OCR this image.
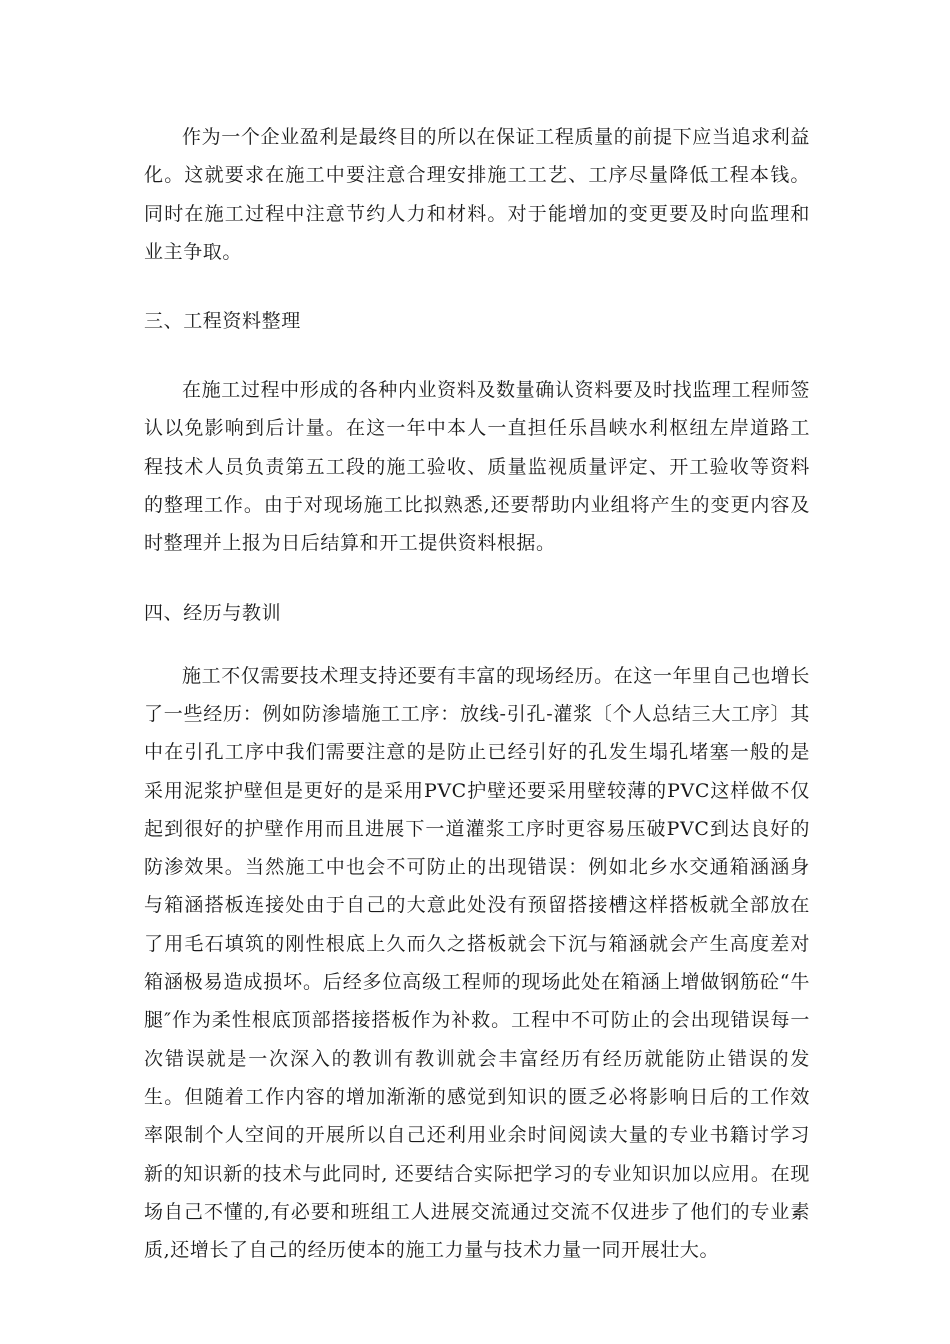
作为一个企业盈利是最终目的所以在保证工程质量的前提下应当追求利益化。这就要求在施工中要注意合理安排施工工艺、工序尽量降低工程本钱。同时在施工过程中注意节约人力和材料。对于能增加的变更要及时向监理和业主争取。

三、工程资料整理

在施工过程中形成的各种内业资料及数量确认资料要及时找监理工程师签认以免影响到后计量。在这一年中本人一直担任乐昌峡水利枢纽左岸道路工程技术人员负责第五工段的施工验收、质量监视质量评定、开工验收等资料的整理工作。由于对现场施工比拟熟悉,还要帮助内业组将产生的变更内容及时整理并上报为日后结算和开工提供资料根据。

四、经历与教训

施工不仅需要技术理支持还要有丰富的现场经历。在这一年里自己也增长了一些经历：例如防渗墙施工工序：放线-引孔-灌浆〔个人总结三大工序〕其中在引孔工序中我们需要注意的是防止已经引好的孔发生塌孔堵塞一般的是采用泥浆护壁但是更好的是采用PVC护壁还要采用壁较薄的PVC这样做不仅起到很好的护壁作用而且进展下一道灌浆工序时更容易压破PVC到达良好的防渗效果。当然施工中也会不可防止的出现错误：例如北乡水交通箱涵涵身与箱涵搭板连接处由于自己的大意此处没有预留搭接槽这样搭板就全部放在了用毛石填筑的刚性根底上久而久之搭板就会下沉与箱涵就会产生高度差对箱涵极易造成损坏。后经多位高级工程师的现场此处在箱涵上增做钢筋砼“牛腿″作为柔性根底顶部搭接搭板作为补救。工程中不可防止的会出现错误每一次错误就是一次深入的教训有教训就会丰富经历有经历就能防止错误的发生。但随着工作内容的增加渐渐的感觉到知识的匮乏必将影响日后的工作效率限制个人空间的开展所以自己还利用业余时间阅读大量的专业书籍讨学习新的知识新的技术与此同时, 还要结合实际把学习的专业知识加以应用。在现场自己不懂的,有必要和班组工人进展交流通过交流不仅进步了他们的专业素质,还增长了自己的经历使本的施工力量与技术力量一同开展壮大。
